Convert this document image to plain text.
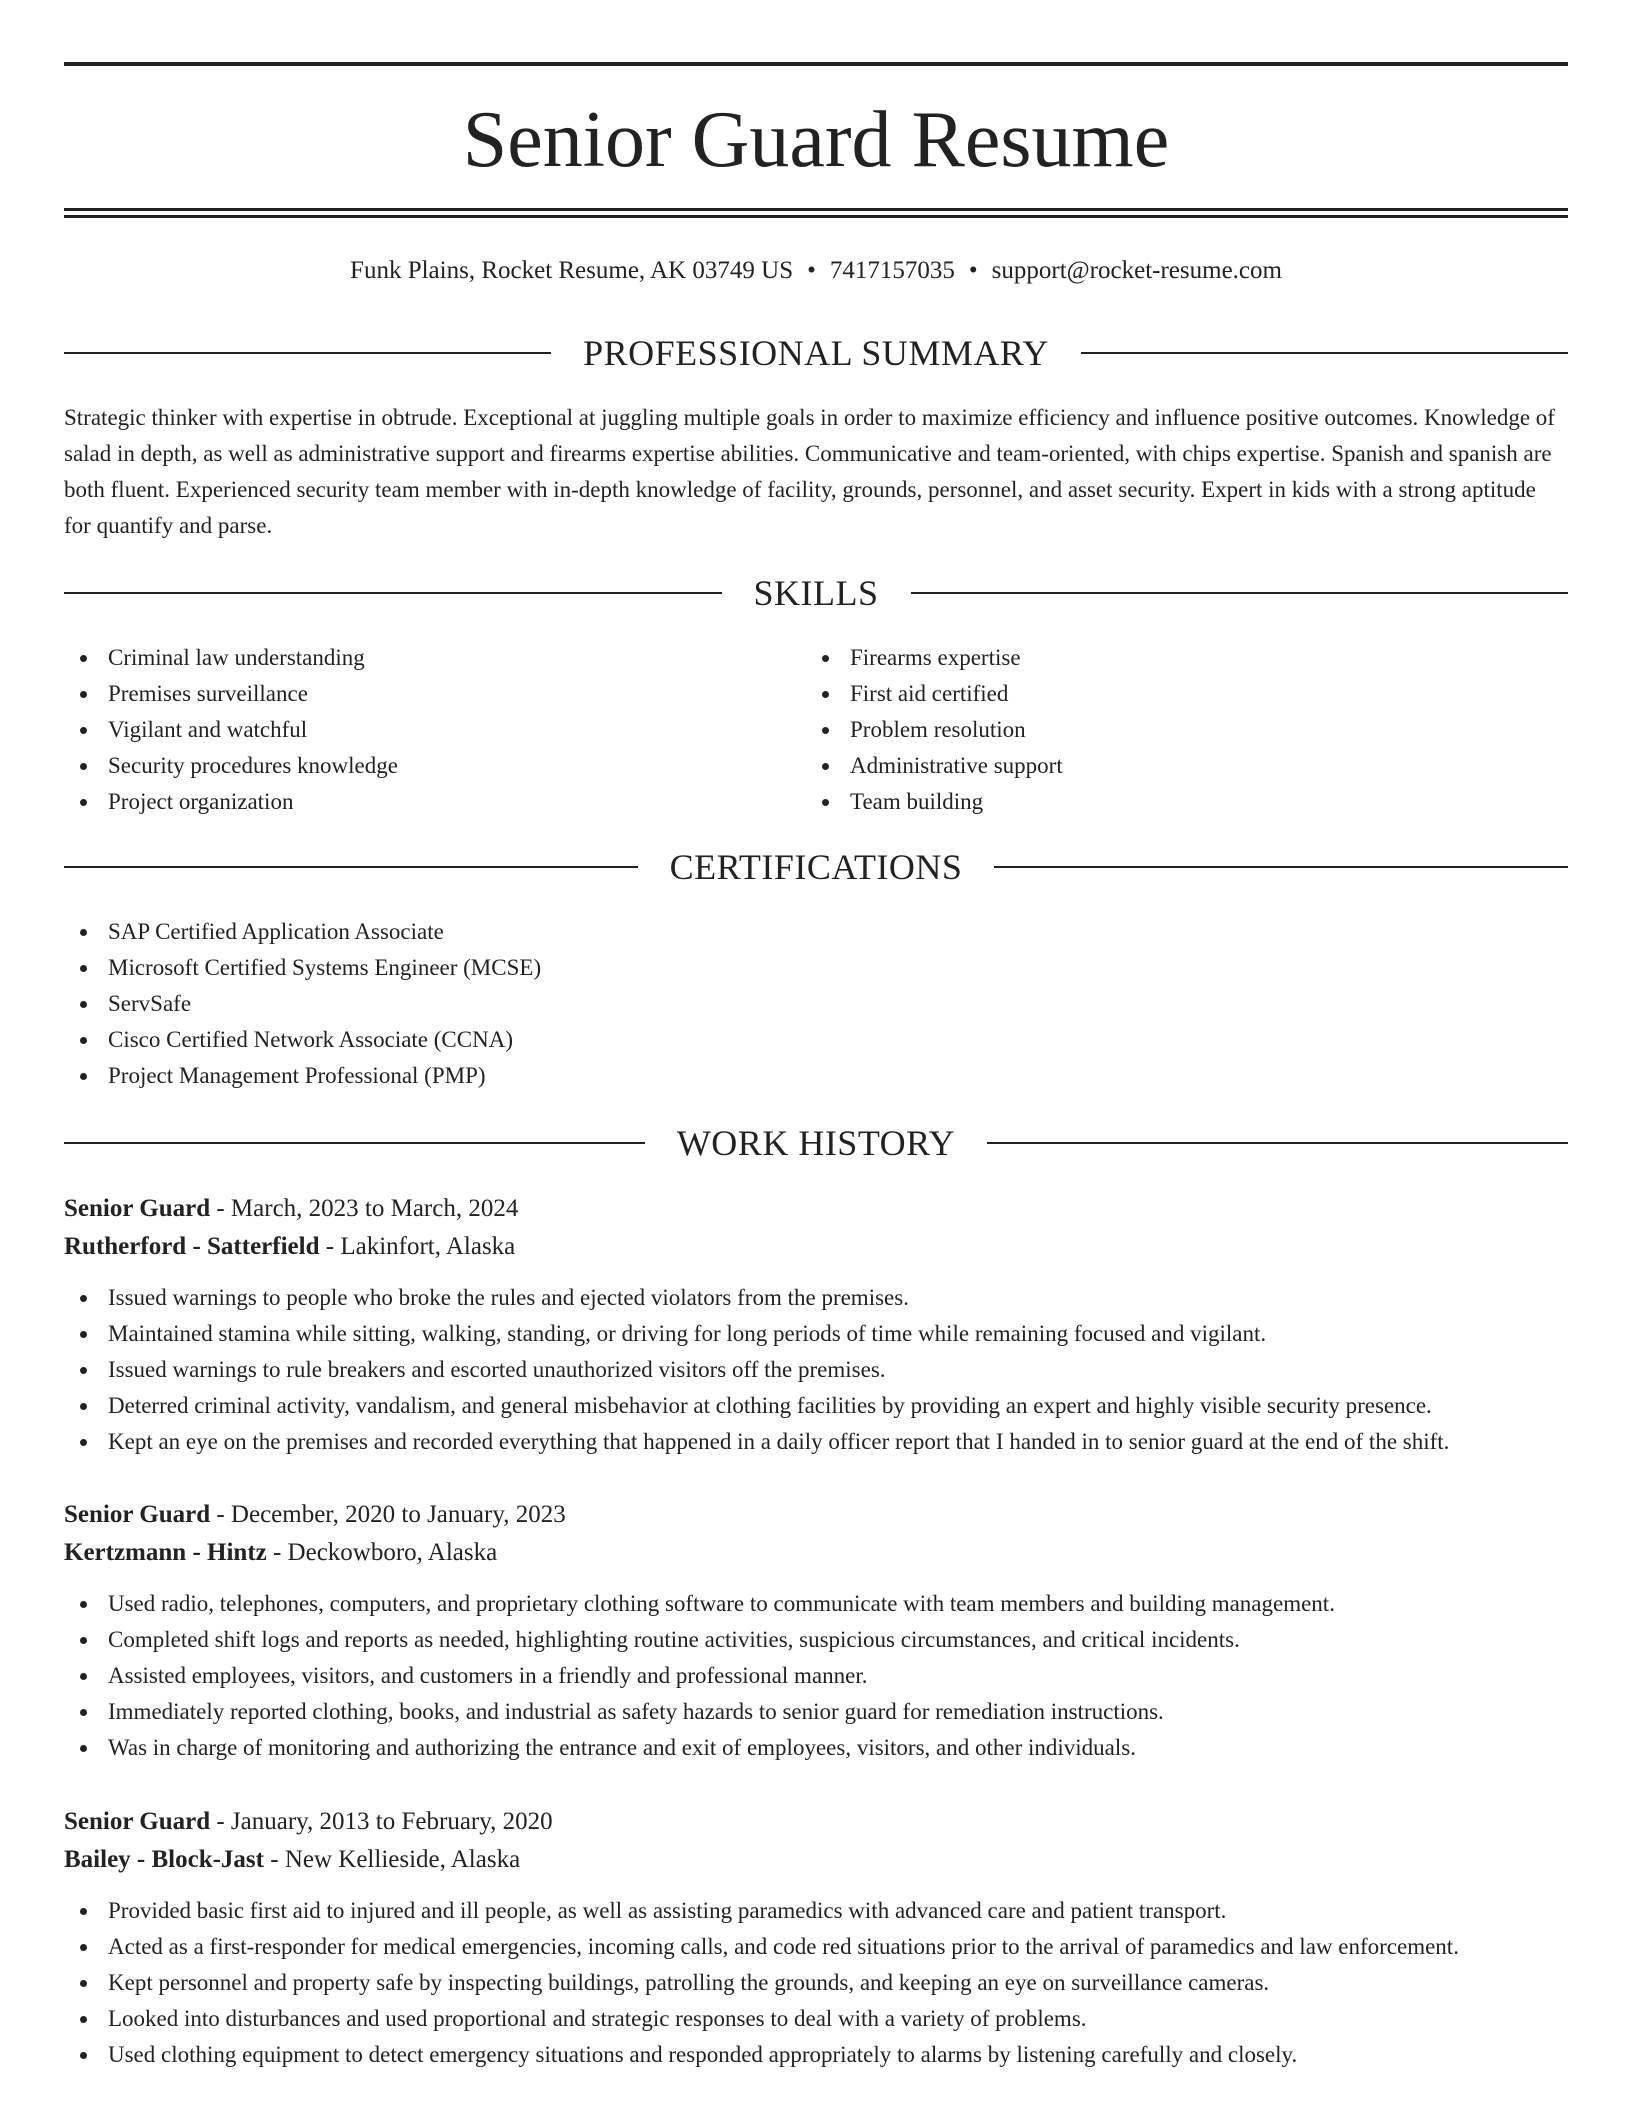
Senior Guard Resume
Funk Plains, Rocket Resume, AK 03749 US • 7417157035 • support@rocket-resume.com
PROFESSIONAL SUMMARY

Strategic thinker with expertise in obtrude. Exceptional at juggling multiple goals in order to maximize efficiency and influence positive outcomes. Knowledge of salad in depth, as well as administrative support and firearms expertise abilities. Communicative and team-oriented, with chips expertise. Spanish and spanish are both fluent. Experienced security team member with in-depth knowledge of facility, grounds, personnel, and asset security. Expert in kids with a strong aptitude for quantify and parse.

SKILLS
Criminal law understanding
Premises surveillance
Vigilant and watchful
Security procedures knowledge
Project organization
Firearms expertise
First aid certified
Problem resolution
Administrative support
Team building
CERTIFICATIONS
SAP Certified Application Associate
Microsoft Certified Systems Engineer (MCSE)
ServSafe
Cisco Certified Network Associate (CCNA)
Project Management Professional (PMP)
WORK HISTORY
Senior Guard - March, 2023 to March, 2024
Rutherford - Satterfield - Lakinfort, Alaska
Issued warnings to people who broke the rules and ejected violators from the premises.
Maintained stamina while sitting, walking, standing, or driving for long periods of time while remaining focused and vigilant.
Issued warnings to rule breakers and escorted unauthorized visitors off the premises.
Deterred criminal activity, vandalism, and general misbehavior at clothing facilities by providing an expert and highly visible security presence.
Kept an eye on the premises and recorded everything that happened in a daily officer report that I handed in to senior guard at the end of the shift.
Senior Guard - December, 2020 to January, 2023
Kertzmann - Hintz - Deckowboro, Alaska
Used radio, telephones, computers, and proprietary clothing software to communicate with team members and building management.
Completed shift logs and reports as needed, highlighting routine activities, suspicious circumstances, and critical incidents.
Assisted employees, visitors, and customers in a friendly and professional manner.
Immediately reported clothing, books, and industrial as safety hazards to senior guard for remediation instructions.
Was in charge of monitoring and authorizing the entrance and exit of employees, visitors, and other individuals.
Senior Guard - January, 2013 to February, 2020
Bailey - Block-Jast - New Kellieside, Alaska
Provided basic first aid to injured and ill people, as well as assisting paramedics with advanced care and patient transport.
Acted as a first-responder for medical emergencies, incoming calls, and code red situations prior to the arrival of paramedics and law enforcement.
Kept personnel and property safe by inspecting buildings, patrolling the grounds, and keeping an eye on surveillance cameras.
Looked into disturbances and used proportional and strategic responses to deal with a variety of problems.
Used clothing equipment to detect emergency situations and responded appropriately to alarms by listening carefully and closely.
